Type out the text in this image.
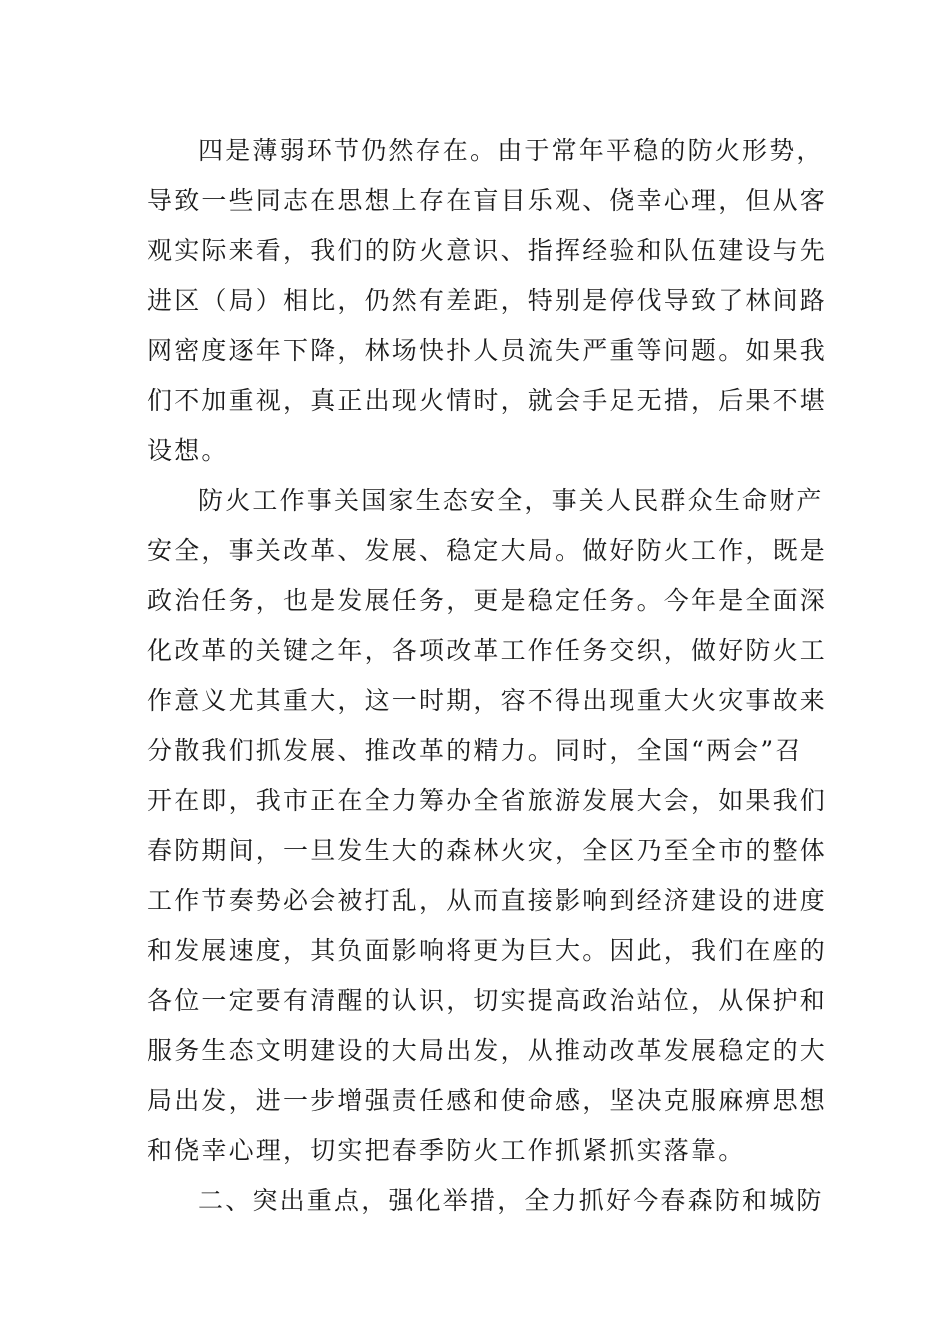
四是薄弱环节仍然存在。由于常年平稳的防火形势，
导致一些同志在思想上存在盲目乐观、侥幸心理，但从客
观实际来看，我们的防火意识、指挥经验和队伍建设与先
进区（局）相比，仍然有差距，特别是停伐导致了林间路
网密度逐年下降，林场快扑人员流失严重等问题。如果我
们不加重视，真正出现火情时，就会手足无措，后果不堪
设想。
防火工作事关国家生态安全，事关人民群众生命财产
安全，事关改革、发展、稳定大局。做好防火工作，既是
政治任务，也是发展任务，更是稳定任务。今年是全面深
化改革的关键之年，各项改革工作任务交织，做好防火工
作意义尤其重大，这一时期，容不得出现重大火灾事故来
分散我们抓发展、推改革的精力。同时，全国“两会”召
开在即，我市正在全力筹办全省旅游发展大会，如果我们
春防期间，一旦发生大的森林火灾，全区乃至全市的整体
工作节奏势必会被打乱，从而直接影响到经济建设的进度
和发展速度，其负面影响将更为巨大。因此，我们在座的
各位一定要有清醒的认识，切实提高政治站位，从保护和
服务生态文明建设的大局出发，从推动改革发展稳定的大
局出发，进一步增强责任感和使命感，坚决克服麻痹思想
和侥幸心理，切实把春季防火工作抓紧抓实落靠。
二、突出重点，强化举措，全力抓好今春森防和城防
